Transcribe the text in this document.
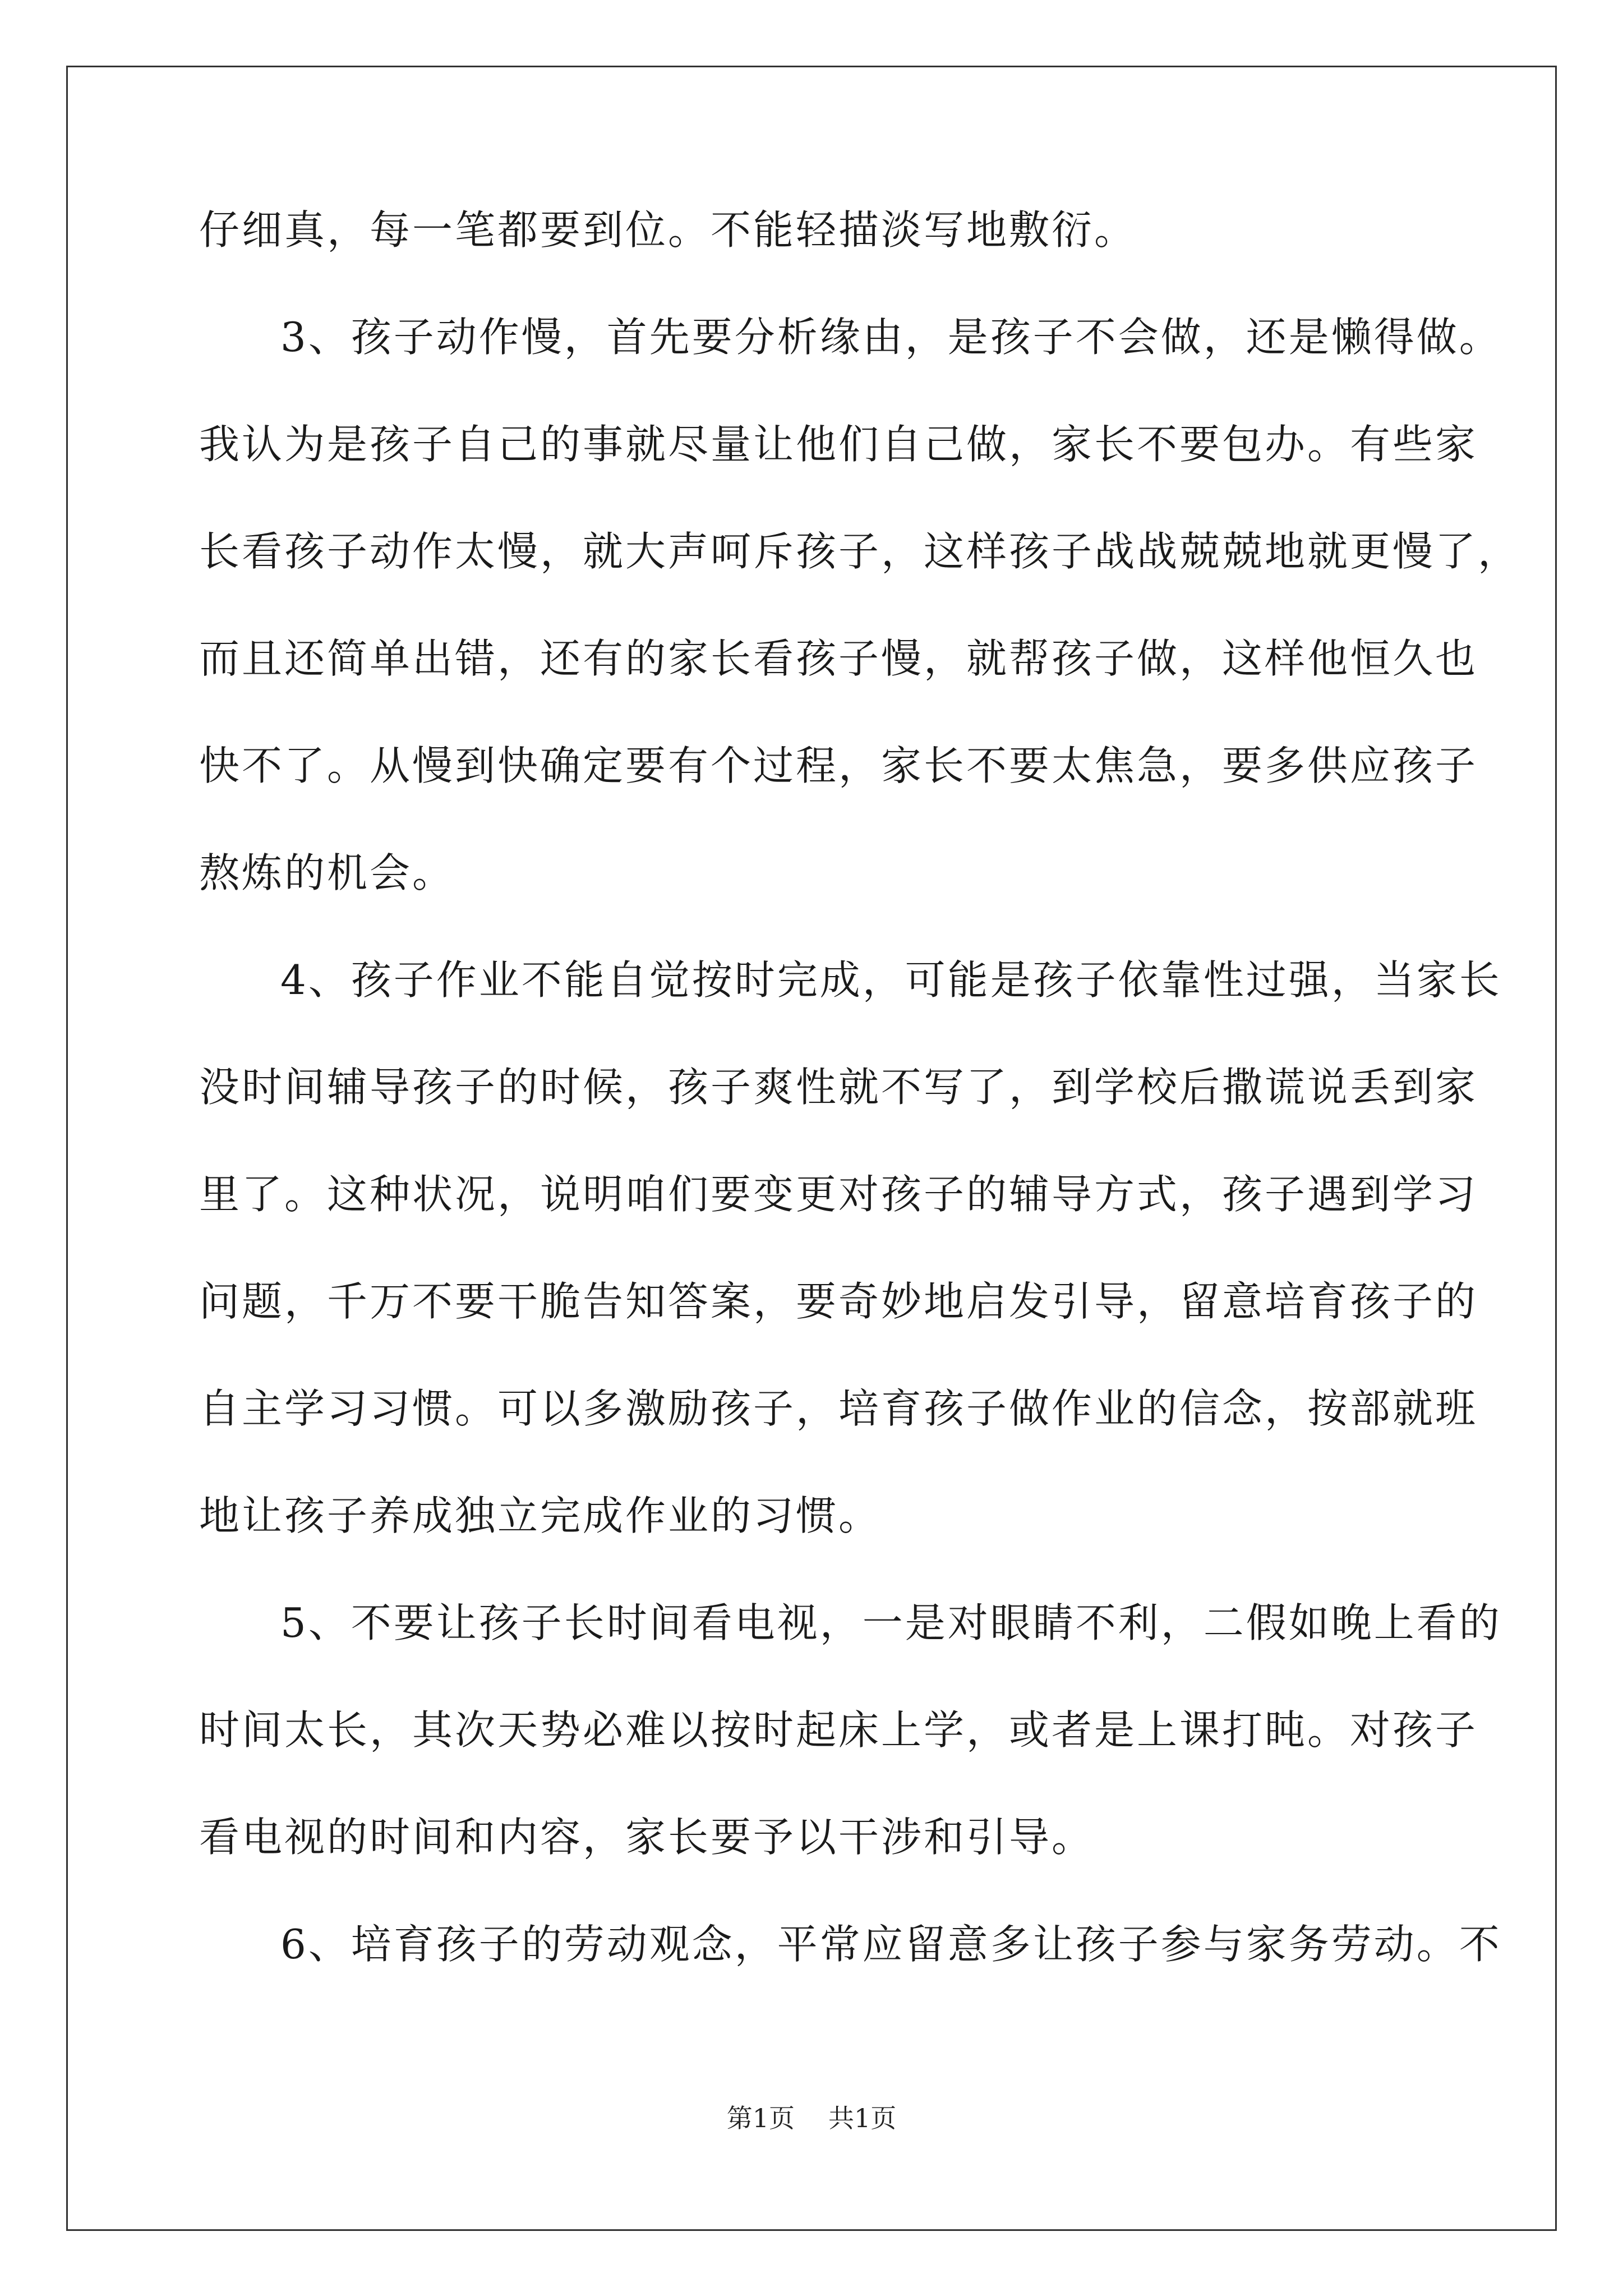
仔细真，每一笔都要到位。不能轻描淡写地敷衍。
3、孩子动作慢，首先要分析缘由，是孩子不会做，还是懒得做。
我认为是孩子自己的事就尽量让他们自己做，家长不要包办。有些家
长看孩子动作太慢，就大声呵斥孩子，这样孩子战战兢兢地就更慢了，
而且还简单出错，还有的家长看孩子慢，就帮孩子做，这样他恒久也
快不了。从慢到快确定要有个过程，家长不要太焦急，要多供应孩子
熬炼的机会。
4、孩子作业不能自觉按时完成，可能是孩子依靠性过强，当家长
没时间辅导孩子的时候，孩子爽性就不写了，到学校后撒谎说丢到家
里了。这种状况，说明咱们要变更对孩子的辅导方式，孩子遇到学习
问题，千万不要干脆告知答案，要奇妙地启发引导，留意培育孩子的
自主学习习惯。可以多激励孩子，培育孩子做作业的信念，按部就班
地让孩子养成独立完成作业的习惯。
5、不要让孩子长时间看电视，一是对眼睛不利，二假如晚上看的
时间太长，其次天势必难以按时起床上学，或者是上课打盹。对孩子
看电视的时间和内容，家长要予以干涉和引导。
6、培育孩子的劳动观念，平常应留意多让孩子参与家务劳动。不
第1页 共1页
